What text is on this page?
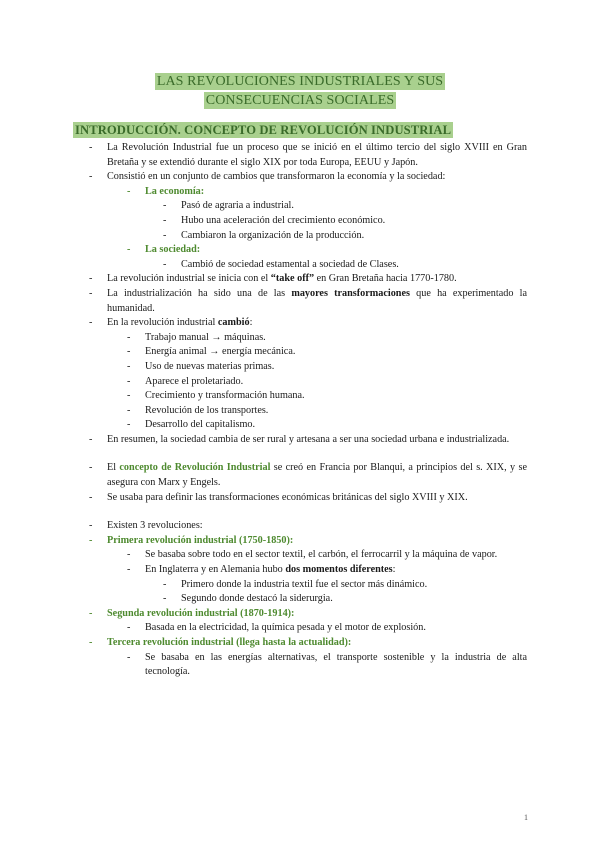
LAS REVOLUCIONES INDUSTRIALES Y SUS
CONSECUENCIAS SOCIALES
INTRODUCCIÓN. CONCEPTO DE REVOLUCIÓN INDUSTRIAL
- La Revolución Industrial fue un proceso que se inició en el último tercio del siglo XVIII en Gran Bretaña y se extendió durante el siglo XIX por toda Europa, EEUU y Japón.
- Consistió en un conjunto de cambios que transformaron la economía y la sociedad:
- La economía:
- Pasó de agraria a industrial.
- Hubo una aceleración del crecimiento económico.
- Cambiaron la organización de la producción.
- La sociedad:
- Cambió de sociedad estamental a sociedad de Clases.
- La revolución industrial se inicia con el “take off” en Gran Bretaña hacia 1770-1780.
- La industrialización ha sido una de las mayores transformaciones que ha experimentado la humanidad.
- En la revolución industrial cambió:
- Trabajo manual → máquinas.
- Energía animal → energía mecánica.
- Uso de nuevas materias primas.
- Aparece el proletariado.
- Crecimiento y transformación humana.
- Revolución de los transportes.
- Desarrollo del capitalismo.
- En resumen, la sociedad cambia de ser rural y artesana a ser una sociedad urbana e industrializada.
- El concepto de Revolución Industrial se creó en Francia por Blanqui, a principios del s. XIX, y se asegura con Marx y Engels.
- Se usaba para definir las transformaciones económicas británicas del siglo XVIII y XIX.
- Existen 3 revoluciones:
- Primera revolución industrial (1750-1850):
- Se basaba sobre todo en el sector textil, el carbón, el ferrocarril y la máquina de vapor.
- En Inglaterra y en Alemania hubo dos momentos diferentes:
- Primero donde la industria textil fue el sector más dinámico.
- Segundo donde destacó la siderurgia.
- Segunda revolución industrial (1870-1914):
- Basada en la electricidad, la química pesada y el motor de explosión.
- Tercera revolución industrial (llega hasta la actualidad):
- Se basaba en las energías alternativas, el transporte sostenible y la industria de alta tecnología.
1
